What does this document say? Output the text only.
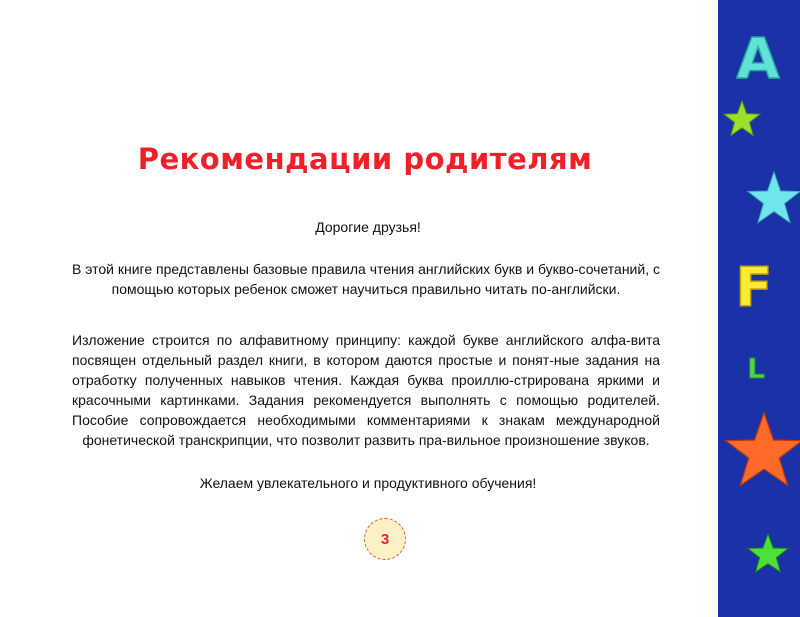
Рекомендации родителям

Дорогие друзья!

В этой книге представлены базовые правила чтения английских букв и букво-сочетаний, с помощью которых ребенок сможет научиться правильно читать по-английски.

Изложение строится по алфавитному принципу: каждой букве английского алфа-вита посвящен отдельный раздел книги, в котором даются простые и понят-ные задания на отработку полученных навыков чтения. Каждая буква проиллю-стрирована яркими и красочными картинками. Задания рекомендуется выполнять с помощью родителей. Пособие сопровождается необходимыми комментариями к знакам международной фонетической транскрипции, что позволит развить пра-вильное произношение звуков.

Желаем увлекательного и продуктивного обучения!

3
A
F
L
